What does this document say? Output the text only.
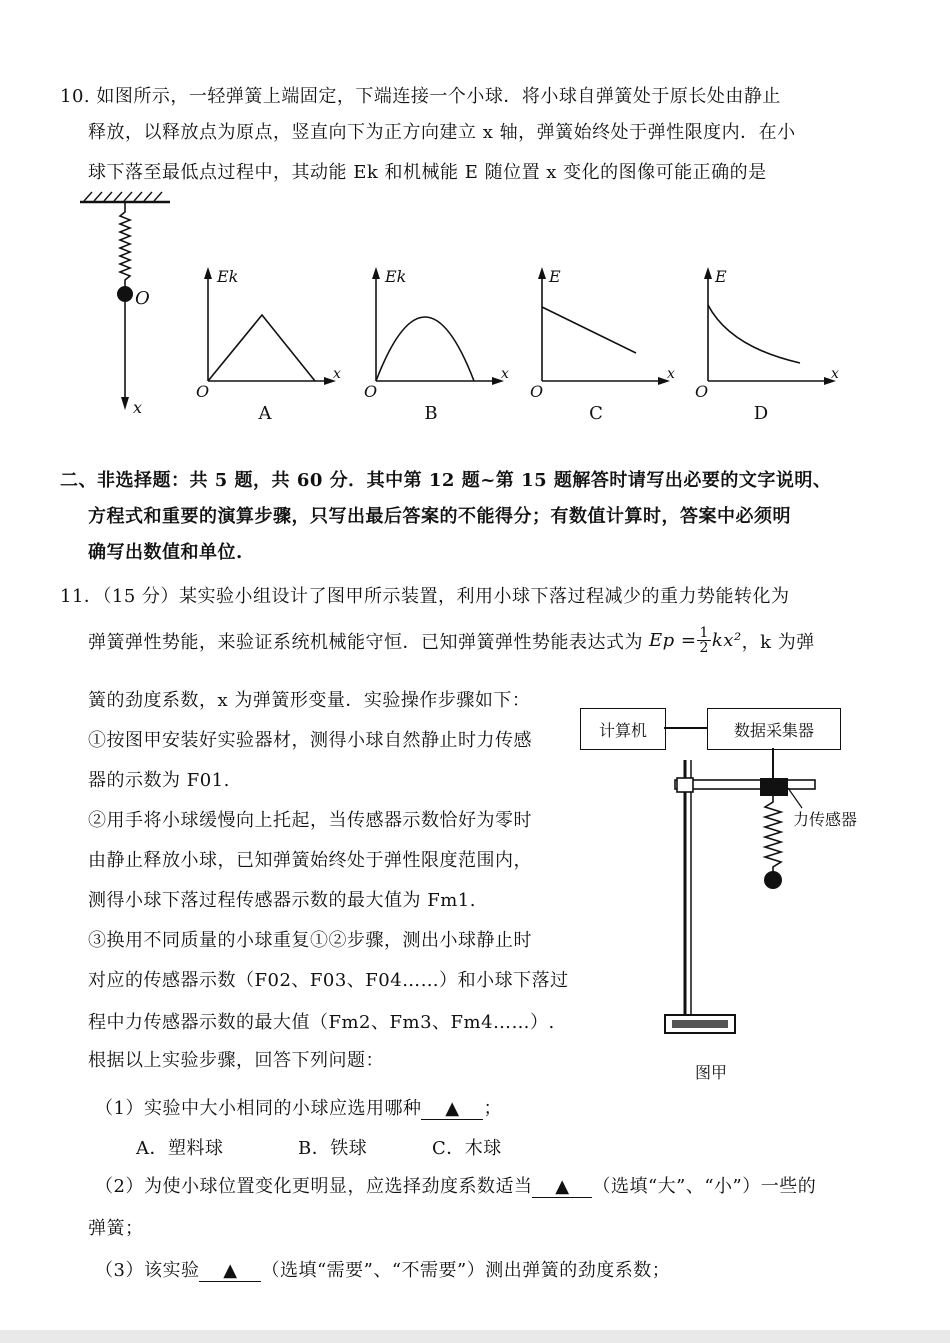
10. 如图所示，一轻弹簧上端固定，下端连接一个小球．将小球自弹簧处于原长处由静止
释放，以释放点为原点，竖直向下为正方向建立 x 轴，弹簧始终处于弹性限度内．在小
球下落至最低点过程中，其动能 Ek 和机械能 E 随位置 x 变化的图像可能正确的是
O
x
Ek
x
O
A
Ek
x
O
B
E
x
O
C
E
x
O
D
二、非选择题：共 5 题，共 60 分．其中第 12 题~第 15 题解答时请写出必要的文字说明、
方程式和重要的演算步骤，只写出最后答案的不能得分；有数值计算时，答案中必须明
确写出数值和单位.
11．（15 分）某实验小组设计了图甲所示装置，利用小球下落过程减少的重力势能转化为
弹簧弹性势能，来验证系统机械能守恒．已知弹簧弹性势能表达式为 $Ep = \frac{1}{2} kx^2$ ，k 为弹
簧的劲度系数，x 为弹簧形变量．实验操作步骤如下：
①按图甲安装好实验器材，测得小球自然静止时力传感
器的示数为 F01.
②用手将小球缓慢向上托起，当传感器示数恰好为零时
由静止释放小球，已知弹簧始终处于弹性限度范围内，
测得小球下落过程传感器示数的最大值为 Fm1.
③换用不同质量的小球重复①②步骤，测出小球静止时
对应的传感器示数（F02、F03、F04……）和小球下落过
程中力传感器示数的最大值（Fm2、Fm3、Fm4……）.
根据以上实验步骤，回答下列问题：
计算机	数据采集器
力传感器
图甲
（1）实验中大小相同的小球应选用哪种 ▲ ；
A．塑料球	B．铁球	C．木球
（2）为使小球位置变化更明显，应选择劲度系数适当 ▲ （选填“大”、“小”）一些的
弹簧；
（3）该实验 ▲ （选填“需要”、“不需要”）测出弹簧的劲度系数；
